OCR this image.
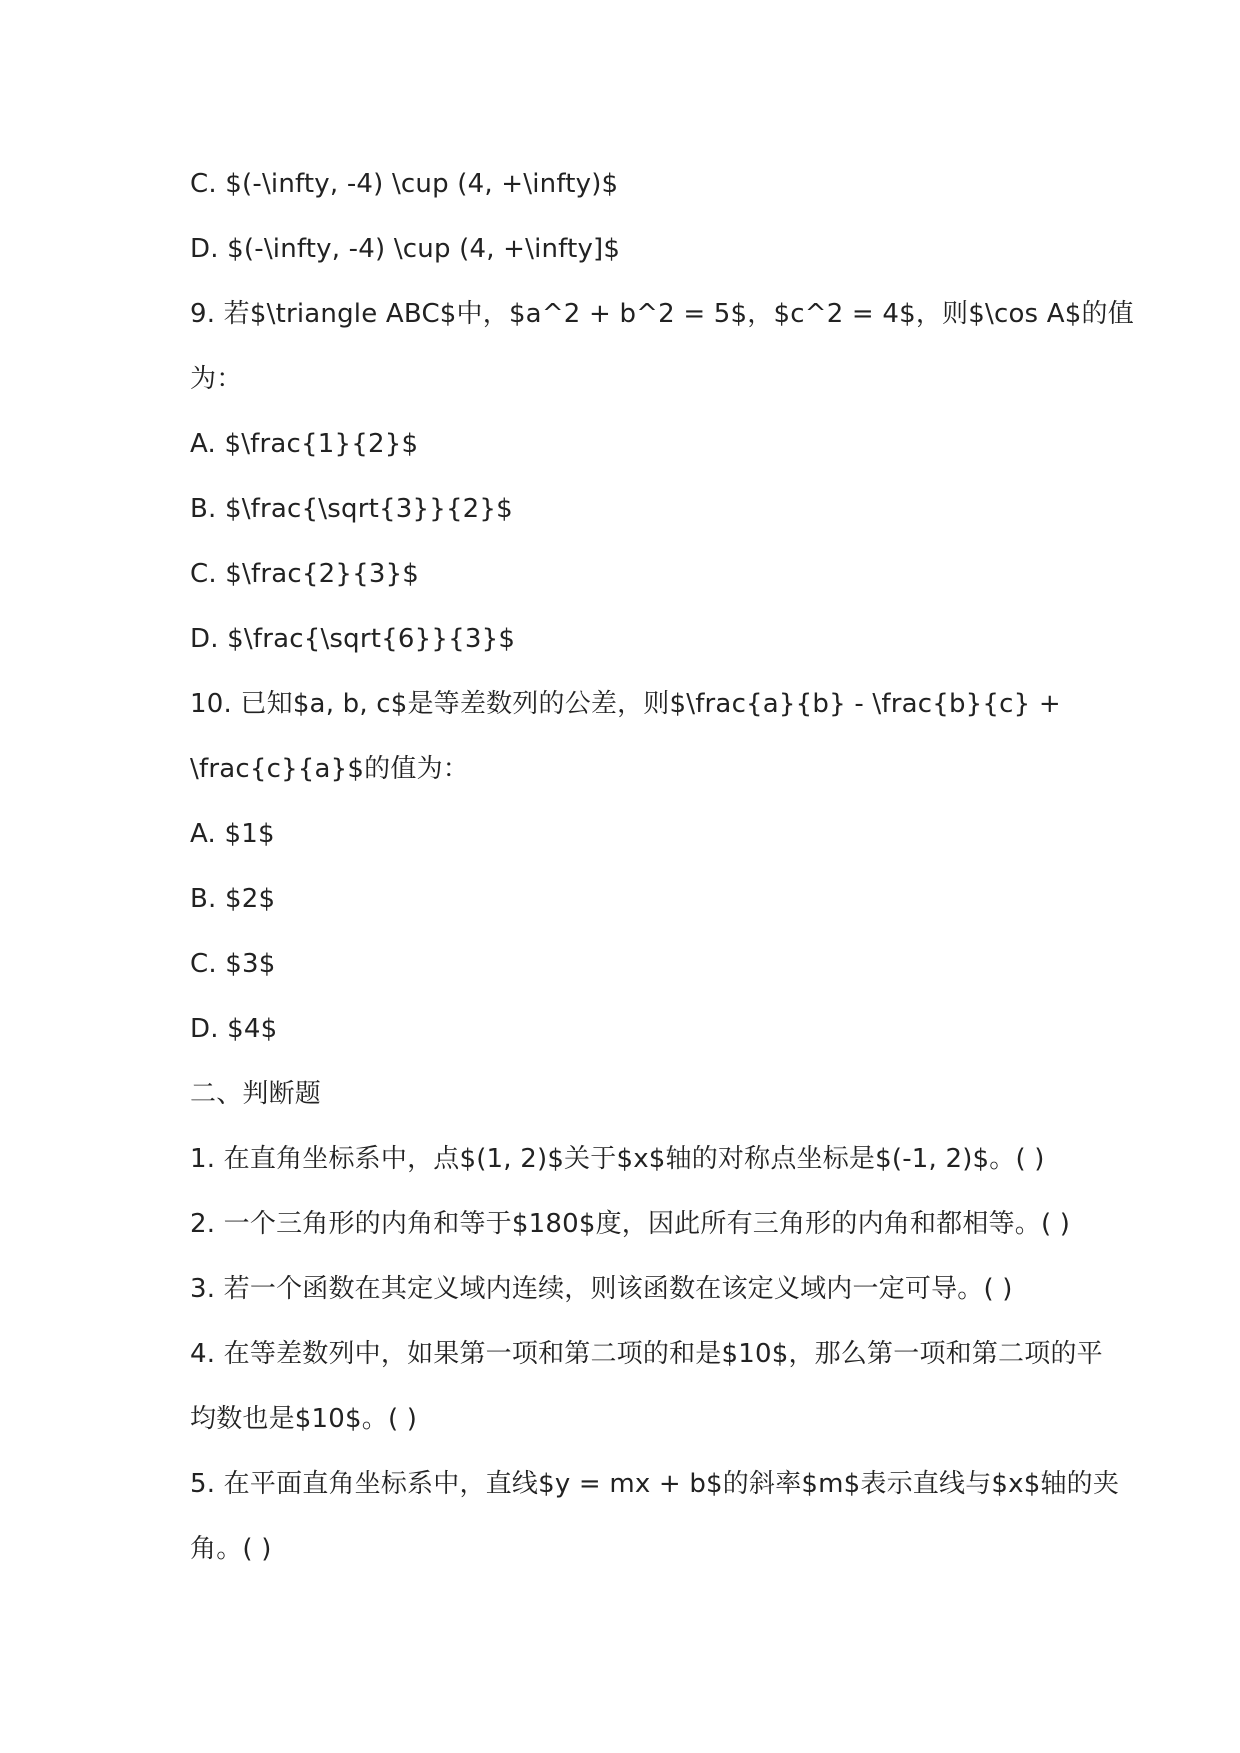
C. $(-\infty, -4) \cup (4, +\infty)$
D. $(-\infty, -4) \cup (4, +\infty]$
9. 若$\triangle ABC$中，$a^2 + b^2 = 5$，$c^2 = 4$，则$\cos A$的值
为：
A. $\frac{1}{2}$
B. $\frac{\sqrt{3}}{2}$
C. $\frac{2}{3}$
D. $\frac{\sqrt{6}}{3}$
10. 已知$a, b, c$是等差数列的公差，则$\frac{a}{b} - \frac{b}{c} +
\frac{c}{a}$的值为：
A. $1$
B. $2$
C. $3$
D. $4$
二、判断题
1. 在直角坐标系中，点$(1, 2)$关于$x$轴的对称点坐标是$(-1, 2)$。( )
2. 一个三角形的内角和等于$180$度，因此所有三角形的内角和都相等。( )
3. 若一个函数在其定义域内连续，则该函数在该定义域内一定可导。( )
4. 在等差数列中，如果第一项和第二项的和是$10$，那么第一项和第二项的平
均数也是$10$。( )
5. 在平面直角坐标系中，直线$y = mx + b$的斜率$m$表示直线与$x$轴的夹
角。( )
